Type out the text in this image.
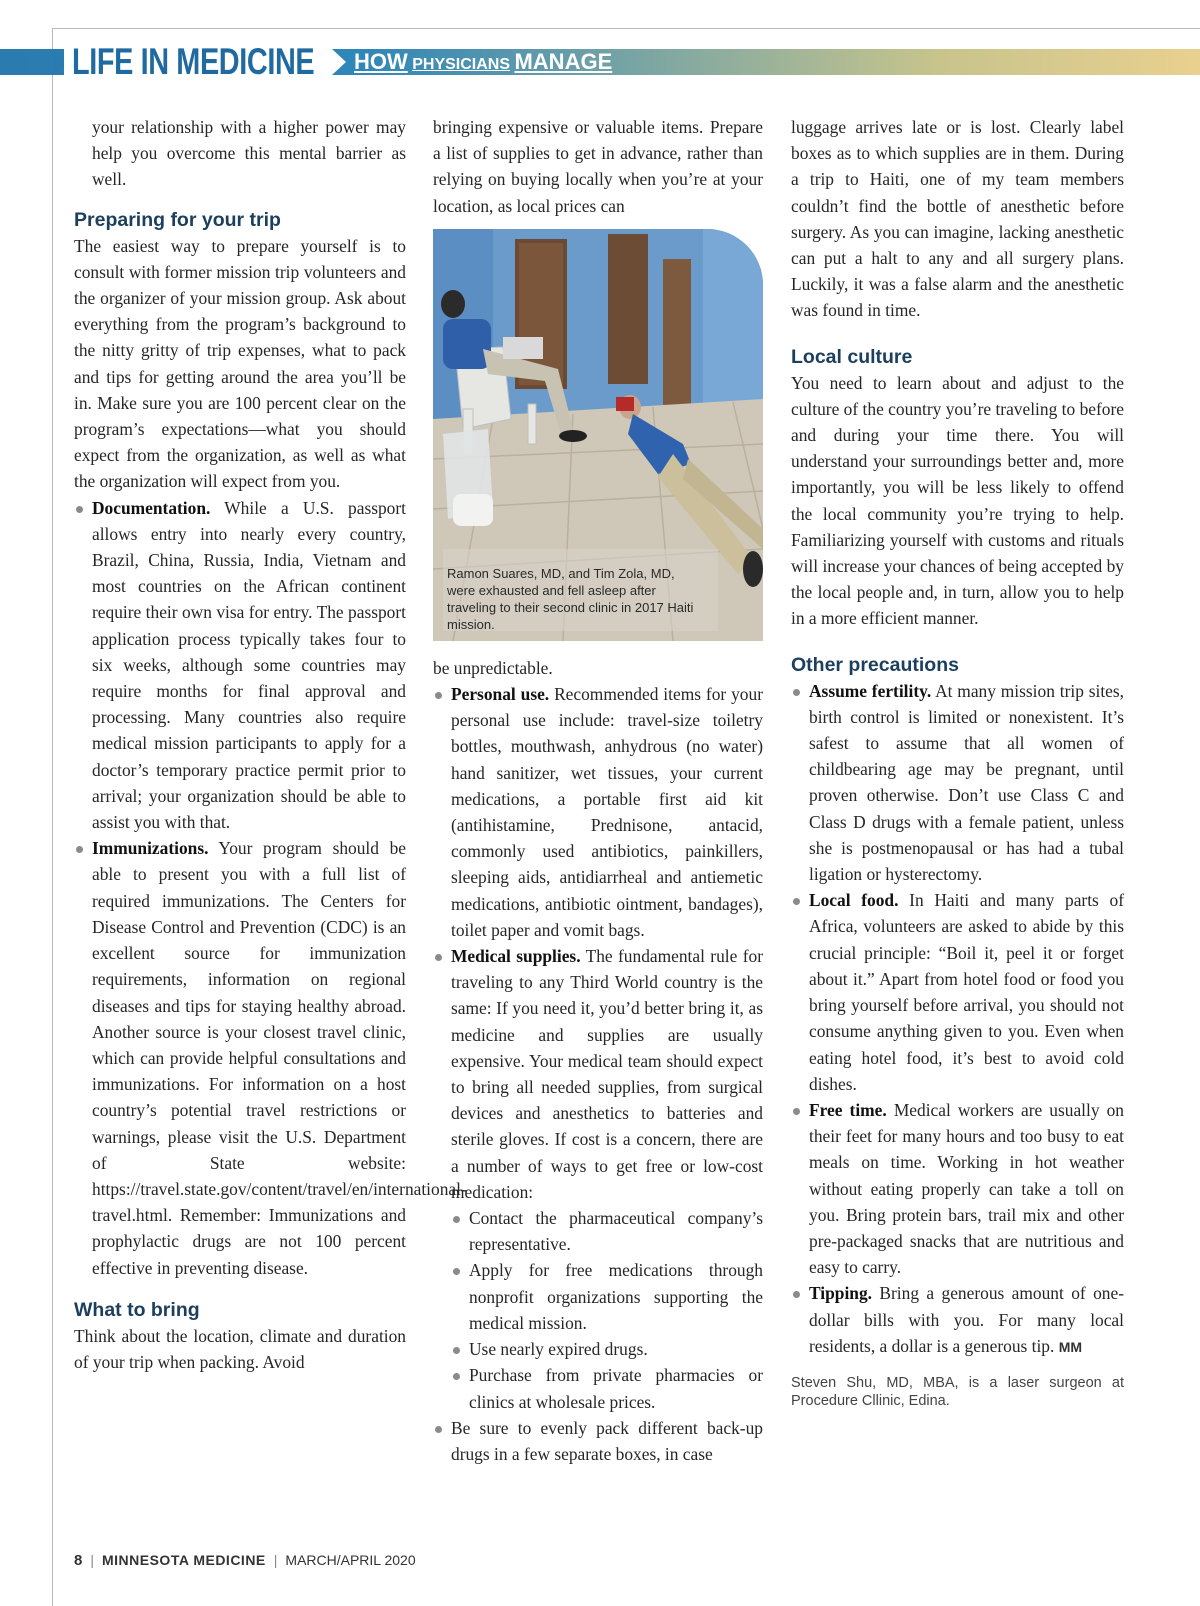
LIFE IN MEDICINE HOW PHYSICIANS MANAGE

your relationship with a higher power may help you overcome this mental barrier as well.

Preparing for your trip

The easiest way to prepare yourself is to consult with former mission trip volunteers and the organizer of your mission group. Ask about everything from the program’s background to the nitty gritty of trip expenses, what to pack and tips for getting around the area you’ll be in. Make sure you are 100 percent clear on the program’s expectations—what you should expect from the organization, as well as what the organization will expect from you.

Documentation. While a U.S. passport allows entry into nearly every country, Brazil, China, Russia, India, Vietnam and most countries on the African continent require their own visa for entry. The passport application process typically takes four to six weeks, although some countries may require months for final approval and processing. Many countries also require medical mission participants to apply for a doctor’s temporary practice permit prior to arrival; your organization should be able to assist you with that.
Immunizations. Your program should be able to present you with a full list of required immunizations. The Centers for Disease Control and Prevention (CDC) is an excellent source for immunization requirements, information on regional diseases and tips for staying healthy abroad. Another source is your closest travel clinic, which can provide helpful consultations and immunizations. For information on a host country’s potential travel restrictions or warnings, please visit the U.S. Department of State website: https://travel.state.gov/content/travel/en/international-travel.html. Remember: Immunizations and prophylactic drugs are not 100 percent effective in preventing disease.
What to bring

Think about the location, climate and duration of your trip when packing. Avoid

bringing expensive or valuable items. Prepare a list of supplies to get in advance, rather than relying on buying locally when you’re at your location, as local prices can

Ramon Suares, MD, and Tim Zola, MD, were exhausted and fell asleep after traveling to their second clinic in 2017 Haiti mission.

be unpredictable.

Personal use. Recommended items for your personal use include: travel-size toiletry bottles, mouthwash, anhydrous (no water) hand sanitizer, wet tissues, your current medications, a portable first aid kit (antihistamine, Prednisone, antacid, commonly used antibiotics, painkillers, sleeping aids, antidiarrheal and antiemetic medications, antibiotic ointment, bandages), toilet paper and vomit bags.
Medical supplies. The fundamental rule for traveling to any Third World country is the same: If you need it, you’d better bring it, as medicine and supplies are usually expensive. Your medical team should expect to bring all needed supplies, from surgical devices and anesthetics to batteries and sterile gloves. If cost is a concern, there are a number of ways to get free or low-cost medication:
Contact the pharmaceutical company’s representative.
Apply for free medications through nonprofit organizations supporting the medical mission.
Use nearly expired drugs.
Purchase from private pharmacies or clinics at wholesale prices.
Be sure to evenly pack different back-up drugs in a few separate boxes, in case

luggage arrives late or is lost. Clearly label boxes as to which supplies are in them. During a trip to Haiti, one of my team members couldn’t find the bottle of anesthetic before surgery. As you can imagine, lacking anesthetic can put a halt to any and all surgery plans. Luckily, it was a false alarm and the anesthetic was found in time.

Local culture

You need to learn about and adjust to the culture of the country you’re traveling to before and during your time there. You will understand your surroundings better and, more importantly, you will be less likely to offend the local community you’re trying to help. Familiarizing yourself with customs and rituals will increase your chances of being accepted by the local people and, in turn, allow you to help in a more efficient manner.

Other precautions
Assume fertility. At many mission trip sites, birth control is limited or nonexistent. It’s safest to assume that all women of childbearing age may be pregnant, until proven otherwise. Don’t use Class C and Class D drugs with a female patient, unless she is postmenopausal or has had a tubal ligation or hysterectomy.
Local food. In Haiti and many parts of Africa, volunteers are asked to abide by this crucial principle: “Boil it, peel it or forget about it.” Apart from hotel food or food you bring yourself before arrival, you should not consume anything given to you. Even when eating hotel food, it’s best to avoid cold dishes.
Free time. Medical workers are usually on their feet for many hours and too busy to eat meals on time. Working in hot weather without eating properly can take a toll on you. Bring protein bars, trail mix and other pre-packaged snacks that are nutritious and easy to carry.
Tipping. Bring a generous amount of one-dollar bills with you. For many local residents, a dollar is a generous tip. MM

Steven Shu, MD, MBA, is a laser surgeon at Procedure Cllinic, Edina.

8 | MINNESOTA MEDICINE | MARCH/APRIL 2020
